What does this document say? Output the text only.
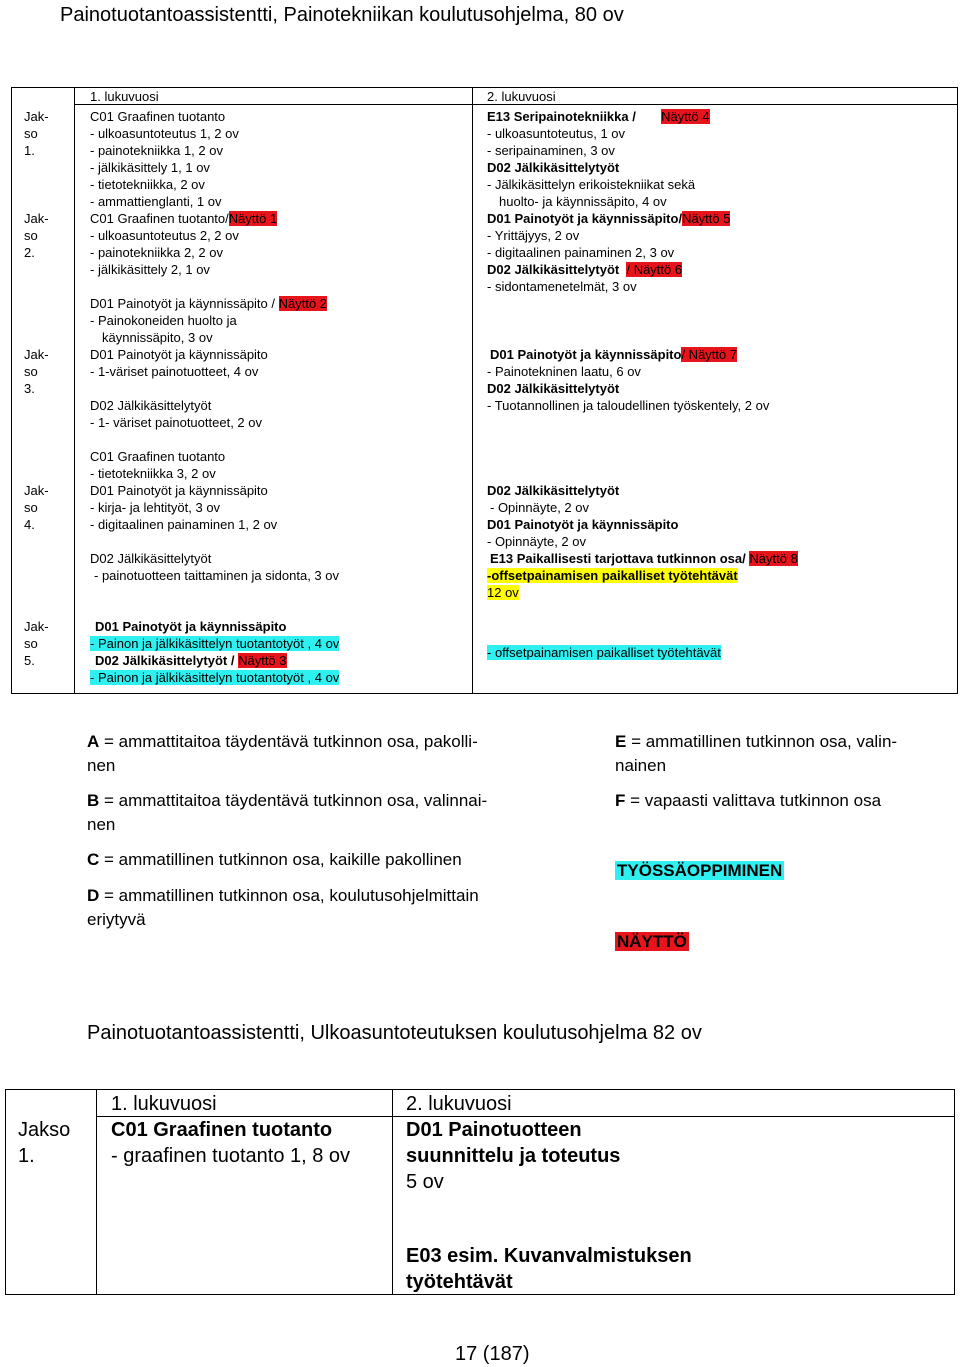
Painotuotantoassistentti, Painotekniikan koulutusohjelma, 80 ov
1. lukuvuosi	2. lukuvuosi
Jak-
so
1.
Jak-
so
2.
Jak-
so
3.
Jak-
so
4.
Jak-
so
5.
C01 Graafinen tuotanto
- ulkoasuntoteutus 1, 2 ov
- painotekniikka 1, 2 ov
- jälkikäsittely 1, 1 ov
- tietotekniikka, 2 ov
- ammattienglanti, 1 ov
E13 Seripainotekniikka / Näyttö 4
- ulkoasuntoteutus, 1 ov
- seripainaminen, 3 ov
D02 Jälkikäsittelytyöt
- Jälkikäsittelyn erikoistekniikat sekä
huolto- ja käynnissäpito, 4 ov
C01 Graafinen tuotanto/Näyttö 1
- ulkoasuntoteutus 2, 2 ov
- painotekniikka 2, 2 ov
- jälkikäsittely 2, 1 ov
D01 Painotyöt ja käynnissäpito / Näyttö 2
- Painokoneiden huolto ja
käynnissäpito, 3 ov
D01 Painotyöt ja käynnissäpito/Näyttö 5
- Yrittäjyys, 2 ov
- digitaalinen painaminen 2, 3 ov
D02 Jälkikäsittelytyöt / Näyttö 6
- sidontamenetelmät, 3 ov
D01 Painotyöt ja käynnissäpito
- 1-väriset painotuotteet, 4 ov
D02 Jälkikäsittelytyöt
- 1- väriset painotuotteet, 2 ov
D01 Painotyöt ja käynnissäpito/ Näyttö 7
- Painotekninen laatu, 6 ov
D02 Jälkikäsittelytyöt
- Tuotannollinen ja taloudellinen työskentely, 2 ov
C01 Graafinen tuotanto
- tietotekniikka 3, 2 ov
D01 Painotyöt ja käynnissäpito
- kirja- ja lehtityöt, 3 ov
- digitaalinen painaminen 1, 2 ov
D02 Jälkikäsittelytyöt
- painotuotteen taittaminen ja sidonta, 3 ov
D02 Jälkikäsittelytyöt
- Opinnäyte, 2 ov
D01 Painotyöt ja käynnissäpito
- Opinnäyte, 2 ov
E13 Paikallisesti tarjottava tutkinnon osa/ Näyttö 8
-offsetpainamisen paikalliset työtehtävät
12 ov
D01 Painotyöt ja käynnissäpito
- Painon ja jälkikäsittelyn tuotantotyöt , 4 ov
D02 Jälkikäsittelytyöt / Näyttö 3
- Painon ja jälkikäsittelyn tuotantotyöt , 4 ov
- offsetpainamisen paikalliset työtehtävät
A = ammattitaitoa täydentävä tutkinnon osa, pakolli-
nen
B = ammattitaitoa täydentävä tutkinnon osa, valinnai-
nen
C = ammatillinen tutkinnon osa, kaikille pakollinen
D = ammatillinen tutkinnon osa, koulutusohjelmittain
eriytyvä
E = ammatillinen tutkinnon osa, valin-
nainen
F = vapaasti valittava tutkinnon osa
TYÖSSÄOPPIMINEN
NÄYTTÖ
Painotuotantoassistentti, Ulkoasuntoteutuksen koulutusohjelma 82 ov
1. lukuvuosi	2. lukuvuosi
Jakso
1.
C01 Graafinen tuotanto
- graafinen tuotanto 1, 8 ov
D01 Painotuotteen
suunnittelu ja toteutus
5 ov
E03 esim. Kuvanvalmistuksen
työtehtävät
17 (187)
